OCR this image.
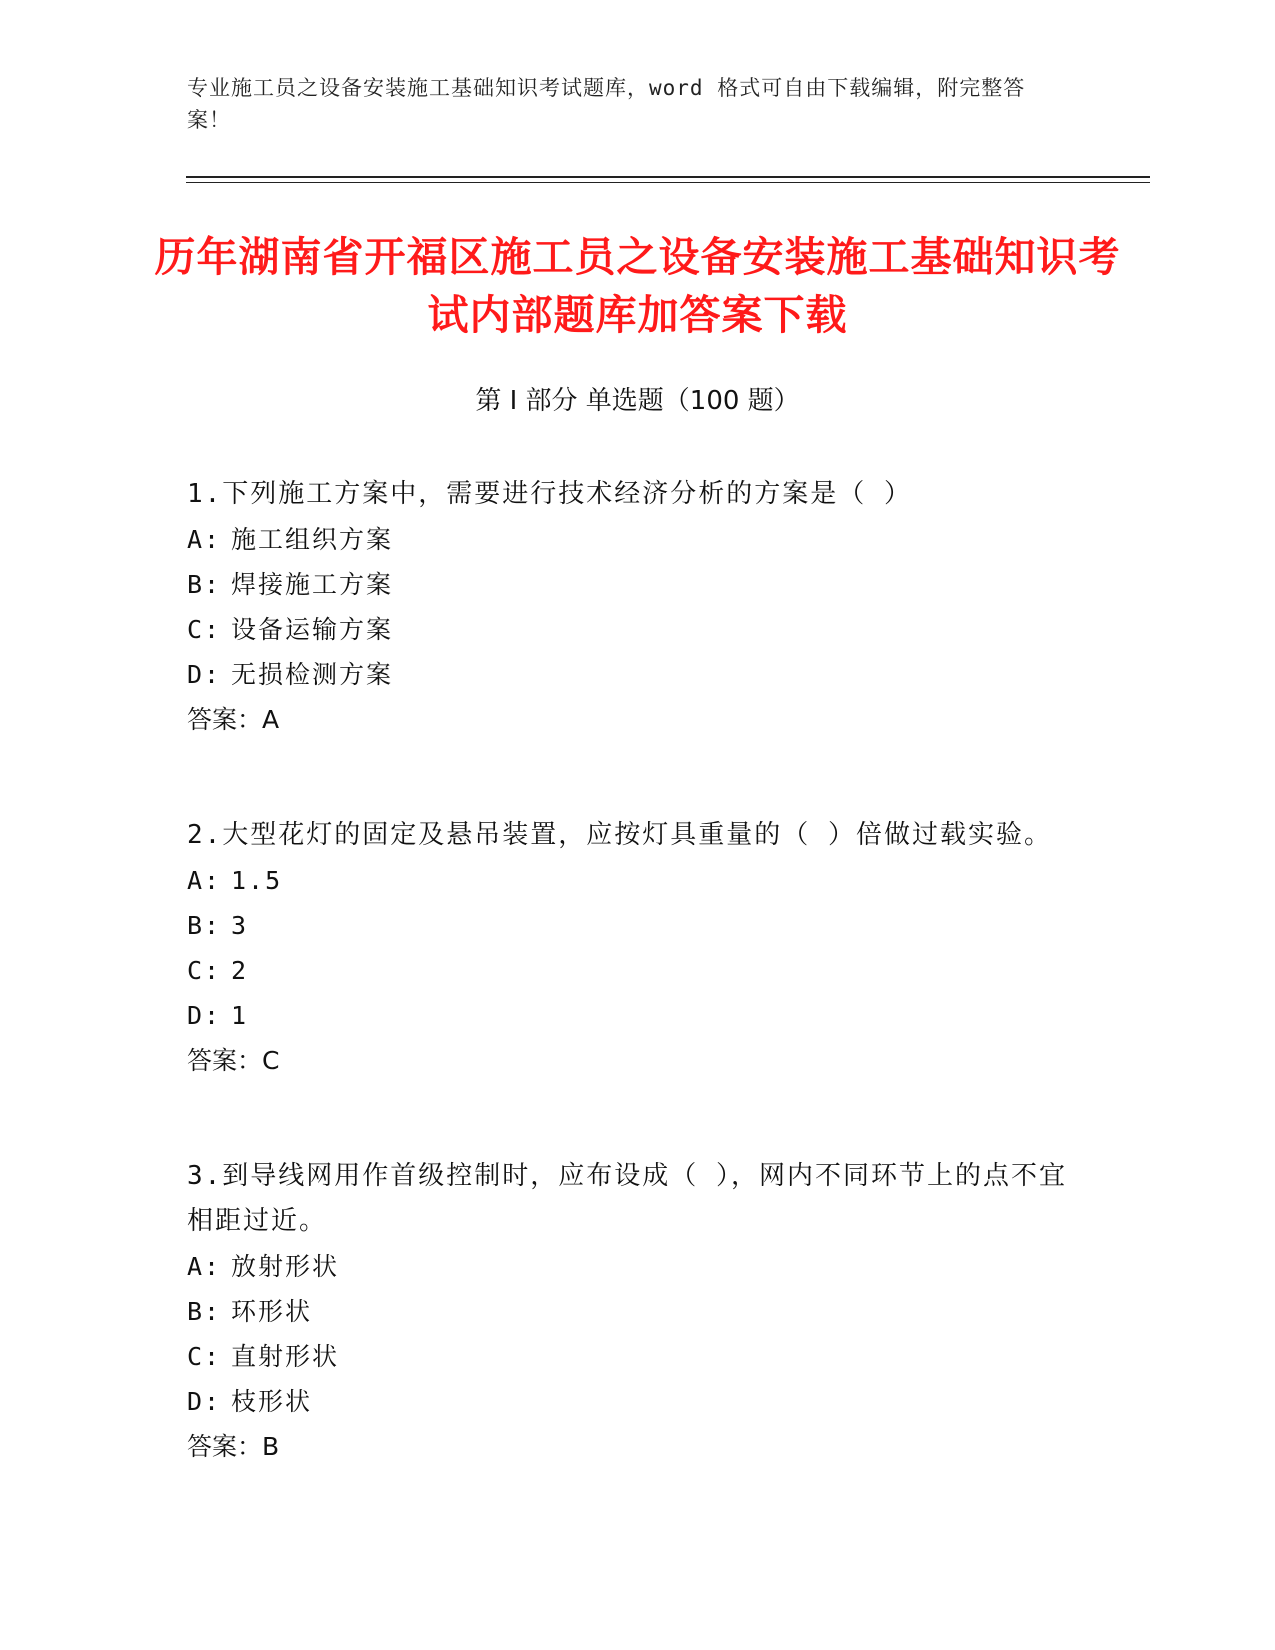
专业施工员之设备安装施工基础知识考试题库，word 格式可自由下载编辑，附完整答案！
历年湖南省开福区施工员之设备安装施工基础知识考试内部题库加答案下载
第 I 部分 单选题（100 题）

1.下列施工方案中，需要进行技术经济分析的方案是（ ）

A: 施工组织方案

B: 焊接施工方案

C: 设备运输方案

D: 无损检测方案

答案：A

2.大型花灯的固定及悬吊装置，应按灯具重量的（ ）倍做过载实验。

A: 1.5

B: 3

C: 2

D: 1

答案：C

3.到导线网用作首级控制时，应布设成（ ），网内不同环节上的点不宜相距过近。

A: 放射形状

B: 环形状

C: 直射形状

D: 枝形状

答案：B
